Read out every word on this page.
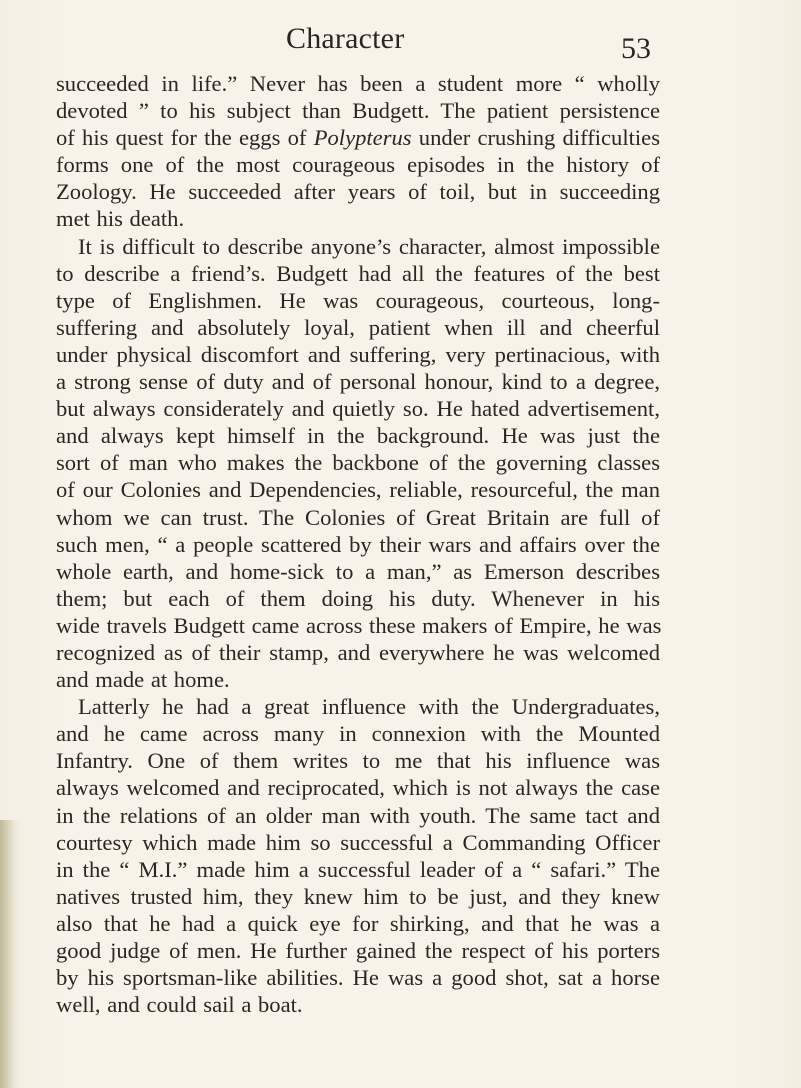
Character	53

succeeded in life.” Never has been a student more “ wholly
devoted ” to his subject than Budgett. The patient persistence
of his quest for the eggs of Polypterus under crushing difficulties
forms one of the most courageous episodes in the history of
Zoology. He succeeded after years of toil, but in succeeding
met his death.

It is difficult to describe anyone’s character, almost impossible
to describe a friend’s. Budgett had all the features of the best
type of Englishmen. He was courageous, courteous, long-
suffering and absolutely loyal, patient when ill and cheerful
under physical discomfort and suffering, very pertinacious, with
a strong sense of duty and of personal honour, kind to a degree,
but always considerately and quietly so. He hated advertisement,
and always kept himself in the background. He was just the
sort of man who makes the backbone of the governing classes
of our Colonies and Dependencies, reliable, resourceful, the man
whom we can trust. The Colonies of Great Britain are full of
such men, “ a people scattered by their wars and affairs over the
whole earth, and home-sick to a man,” as Emerson describes
them; but each of them doing his duty. Whenever in his
wide travels Budgett came across these makers of Empire, he was
recognized as of their stamp, and everywhere he was welcomed
and made at home.

Latterly he had a great influence with the Undergraduates,
and he came across many in connexion with the Mounted
Infantry. One of them writes to me that his influence was
always welcomed and reciprocated, which is not always the case
in the relations of an older man with youth. The same tact and
courtesy which made him so successful a Commanding Officer
in the “ M.I.” made him a successful leader of a “ safari.” The
natives trusted him, they knew him to be just, and they knew
also that he had a quick eye for shirking, and that he was a
good judge of men. He further gained the respect of his porters
by his sportsman-like abilities. He was a good shot, sat a horse
well, and could sail a boat.
